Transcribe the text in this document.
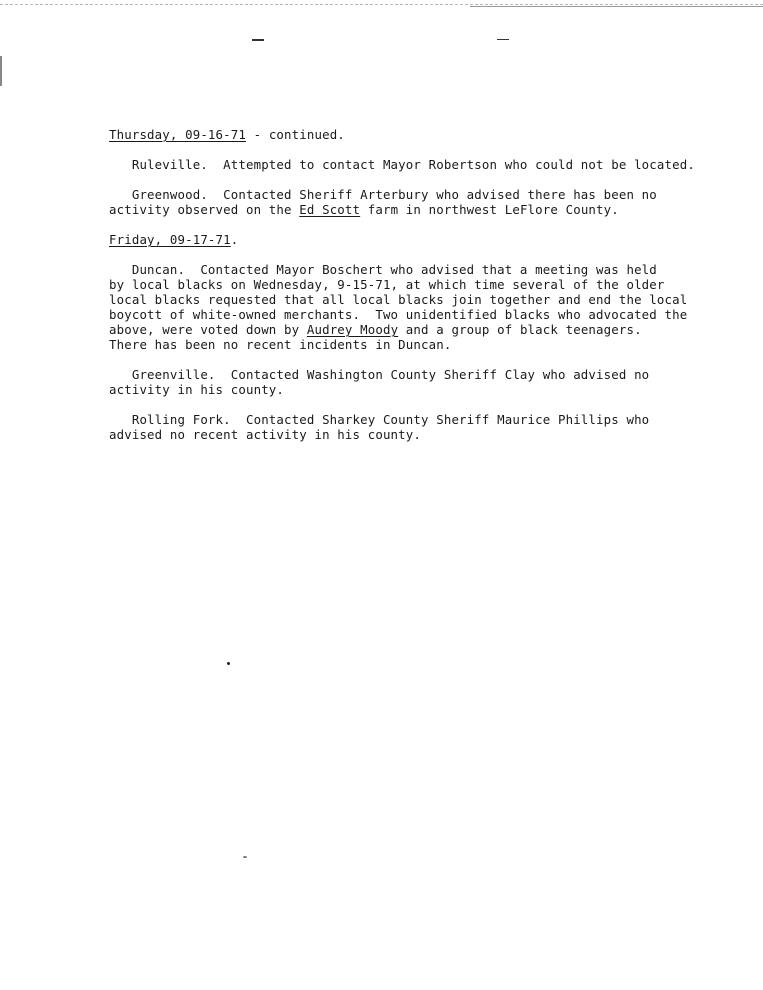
Thursday, 09-16-71 - continued.
Ruleville.  Attempted to contact Mayor Robertson who could not be located.
Greenwood.  Contacted Sheriff Arterbury who advised there has been no
activity observed on the Ed Scott farm in northwest LeFlore County.
Friday, 09-17-71.
Duncan.  Contacted Mayor Boschert who advised that a meeting was held
by local blacks on Wednesday, 9-15-71, at which time several of the older
local blacks requested that all local blacks join together and end the local
boycott of white-owned merchants.  Two unidentified blacks who advocated the
above, were voted down by Audrey Moody and a group of black teenagers.
There has been no recent incidents in Duncan.
Greenville.  Contacted Washington County Sheriff Clay who advised no
activity in his county.
Rolling Fork.  Contacted Sharkey County Sheriff Maurice Phillips who
advised no recent activity in his county.
